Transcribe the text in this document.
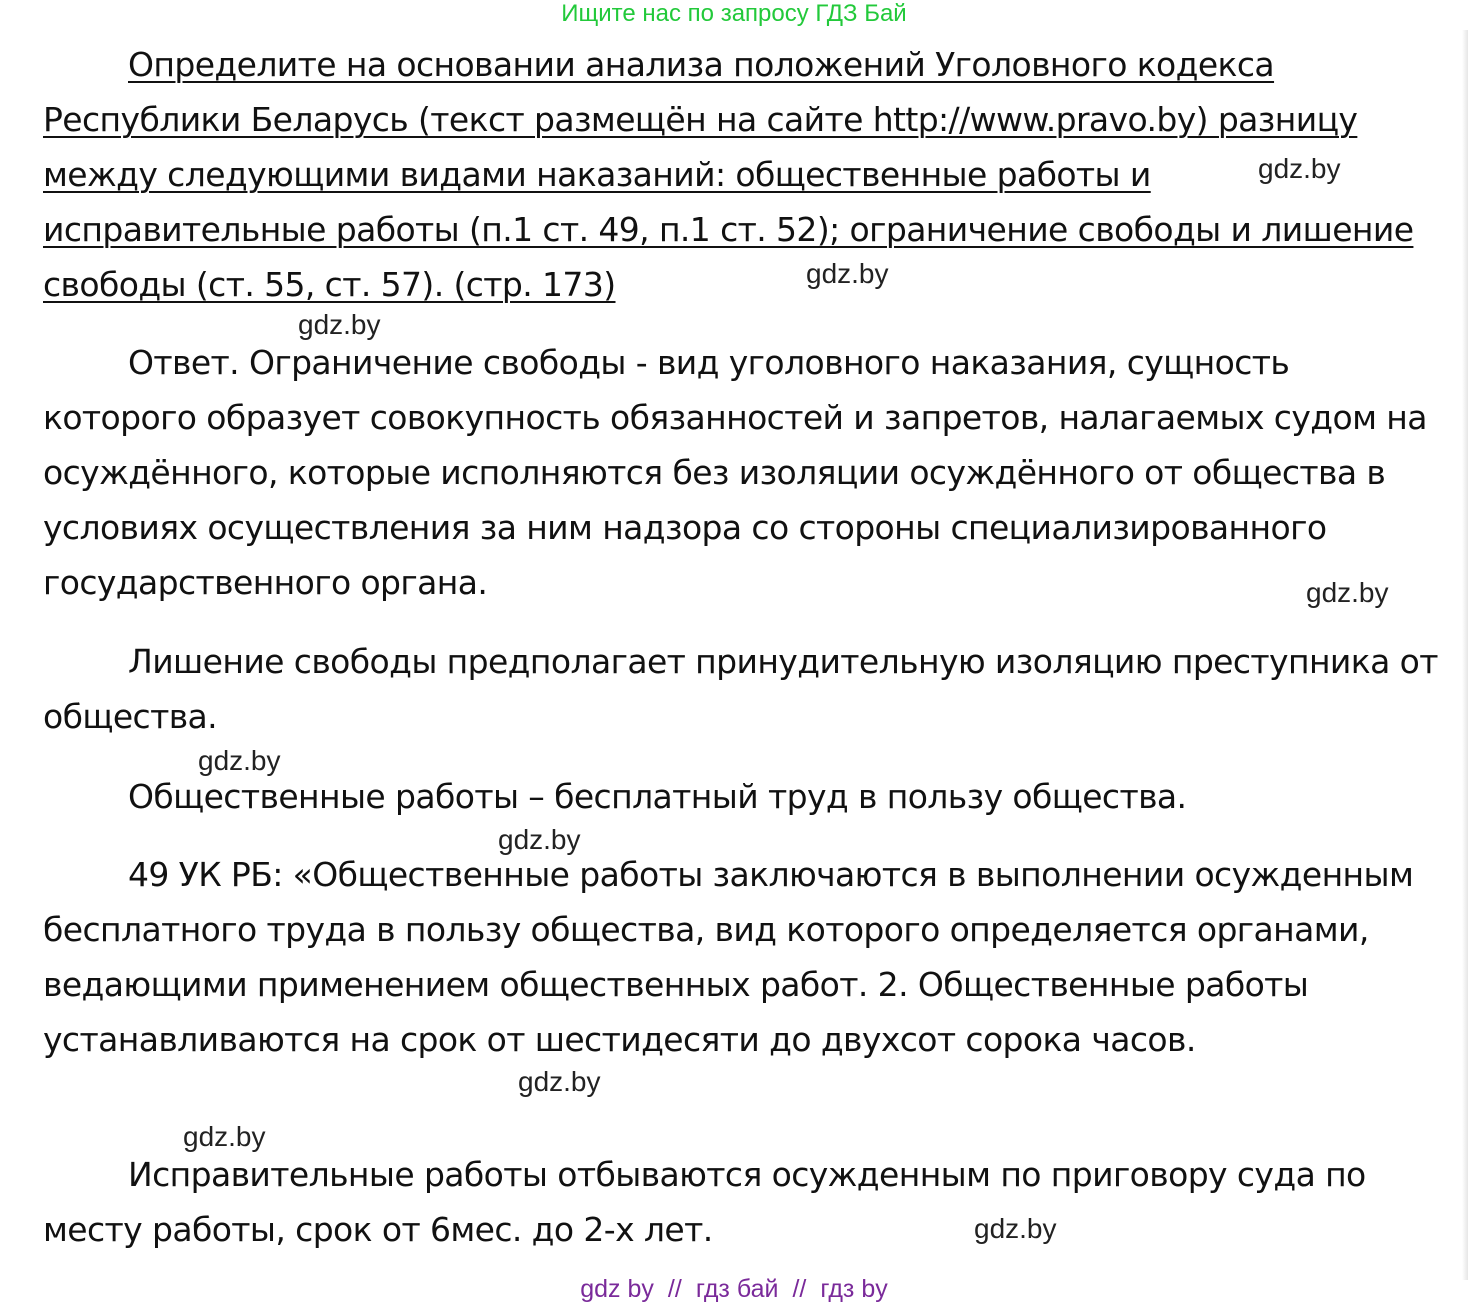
Ищите нас по запросу ГДЗ Бай

Определите на основании анализа положений Уголовного кодекса Республики Беларусь (текст размещён на сайте http://www.pravo.by) разницу между следующими видами наказаний: общественные работы и исправительные работы (п.1 ст. 49, п.1 ст. 52); ограничение свободы и лишение свободы (ст. 55, ст. 57). (стр. 173)

Ответ. Ограничение свободы - вид уголовного наказания, сущность которого образует совокупность обязанностей и запретов, налагаемых судом на осуждённого, которые исполняются без изоляции осуждённого от общества в условиях осуществления за ним надзора со стороны специализированного государственного органа.

Лишение свободы предполагает принудительную изоляцию преступника от общества.

Общественные работы – бесплатный труд в пользу общества.

49 УК РБ: «Общественные работы заключаются в выполнении осужденным бесплатного труда в пользу общества, вид которого определяется органами, ведающими применением общественных работ. 2. Общественные работы устанавливаются на срок от шестидесяти до двухсот сорока часов.

Исправительные работы отбываются осужденным по приговору суда по месту работы, срок от 6мес. до 2-х лет.

gdz.by
gdz.by
gdz.by
gdz.by
gdz.by
gdz.by
gdz.by
gdz.by
gdz.by
gdz by // гдз бай // гдз by
